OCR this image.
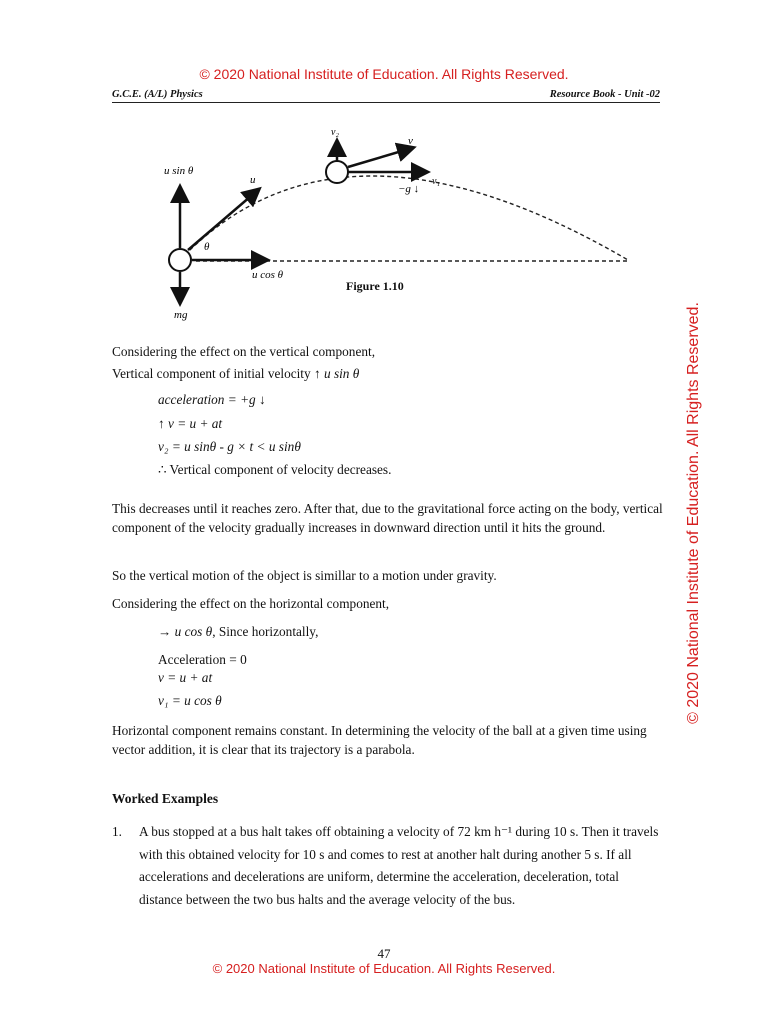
© 2020 National Institute of Education. All Rights Reserved.
G.C.E. (A/L) Physics	Resource Book - Unit -02
u sin θ
u
θ
u cos θ
mg
v₂
v
v₁
−g ↓
Figure 1.10
Considering the effect on the vertical component,
Vertical component of initial velocity ↑ u sin θ
acceleration = +g ↓
↑ v = u + at
v₂ = u sinθ - g × t < u sinθ
∴ Vertical component of velocity decreases.
This decreases until it reaches zero. After that, due to the gravitational force acting on the body, vertical component of the velocity gradually increases in downward direction until it hits the ground.
So the vertical motion of the object is simillar to a motion under gravity.
Considering the effect on the horizontal component,
→ u cos θ, Since horizontally,
Acceleration = 0
v = u + at
v₁ = u cos θ
Horizontal component remains constant. In determining the velocity of the ball at a given time using vector addition, it is clear that its trajectory is a parabola.
Worked Examples
1. A bus stopped at a bus halt takes off obtaining a velocity of 72 km h⁻¹ during 10 s. Then it travels with this obtained velocity for 10 s and comes to rest at another halt during another 5 s. If all accelerations and decelerations are uniform, determine the acceleration, deceleration, total distance between the two bus halts and the average velocity of the bus.
47
© 2020 National Institute of Education. All Rights Reserved.
© 2020 National Institute of Education. All Rights Reserved.
